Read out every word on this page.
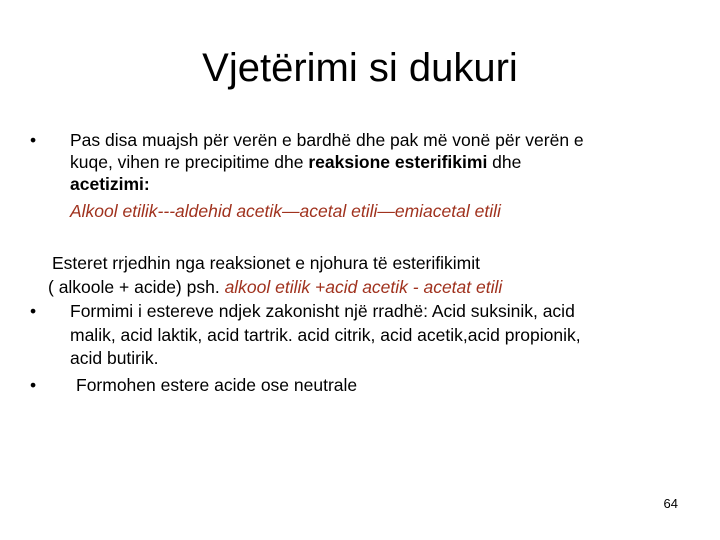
Vjetërimi si dukuri
• Pas disa muajsh për verën e bardhë dhe pak më vonë për verën e
kuqe, vihen re precipitime dhe reaksione esterifikimi dhe
acetizimi:
Alkool etilik---aldehid acetik—acetal etili—emiacetal etili
Esteret rrjedhin nga reaksionet e njohura të esterifikimit
( alkoole + acide) psh. alkool etilik +acid acetik - acetat etili
• Formimi i estereve ndjek zakonisht një rradhë: Acid suksinik, acid
malik, acid laktik, acid tartrik. acid citrik, acid acetik,acid propionik,
acid butirik.
• Formohen estere acide ose neutrale
64
